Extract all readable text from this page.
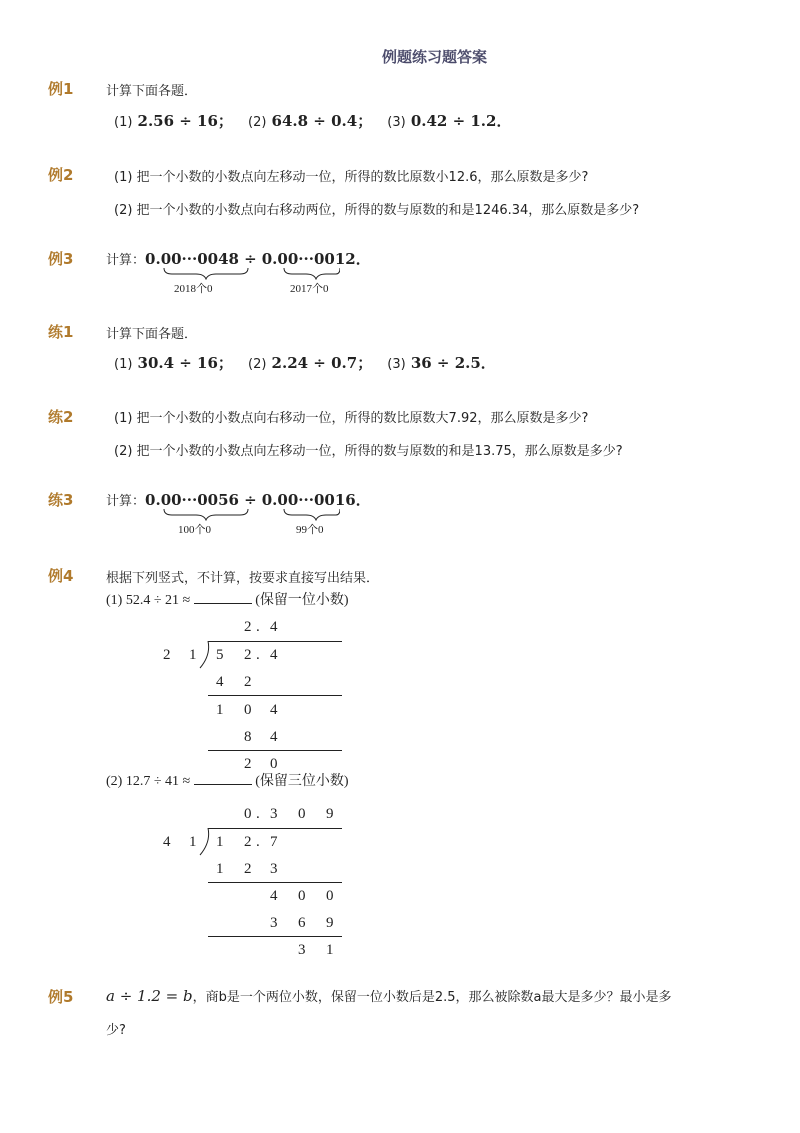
例题练习题答案
例1	计算下面各题．
(1) 2.56 ÷ 16； (2) 64.8 ÷ 0.4； (3) 0.42 ÷ 1.2．
例2	(1) 把一个小数的小数点向左移动一位，所得的数比原数小12.6，那么原数是多少?
(2) 把一个小数的小数点向右移动两位，所得的数与原数的和是1246.34，那么原数是多少?
例3	计算：0.00···0048 ÷ 0.00···0012．
2018个0	2017个0
练1	计算下面各题．
(1) 30.4 ÷ 16； (2) 2.24 ÷ 0.7； (3) 36 ÷ 2.5．
练2	(1) 把一个小数的小数点向右移动一位，所得的数比原数大7.92，那么原数是多少?
(2) 把一个小数的小数点向左移动一位，所得的数与原数的和是13.75，那么原数是多少?
练3	计算：0.00···0056 ÷ 0.00···0016．
100个0	99个0
例4	根据下列竖式，不计算，按要求直接写出结果．
(1) 52.4 ÷ 21 ≈	(保留一位小数)
2 . 4
2 1 5 2 . 4
4 2
1 0 4
8 4
2 0
(2) 12.7 ÷ 41 ≈	(保留三位小数)
0 . 3 0 9
4 1 1 2 . 7
1 2 3
4 0 0
3 6 9
3 1
例5 a ÷ 1.2 = b，商b是一个两位小数，保留一位小数后是2.5，那么被除数a最大是多少？最小是多
少?
